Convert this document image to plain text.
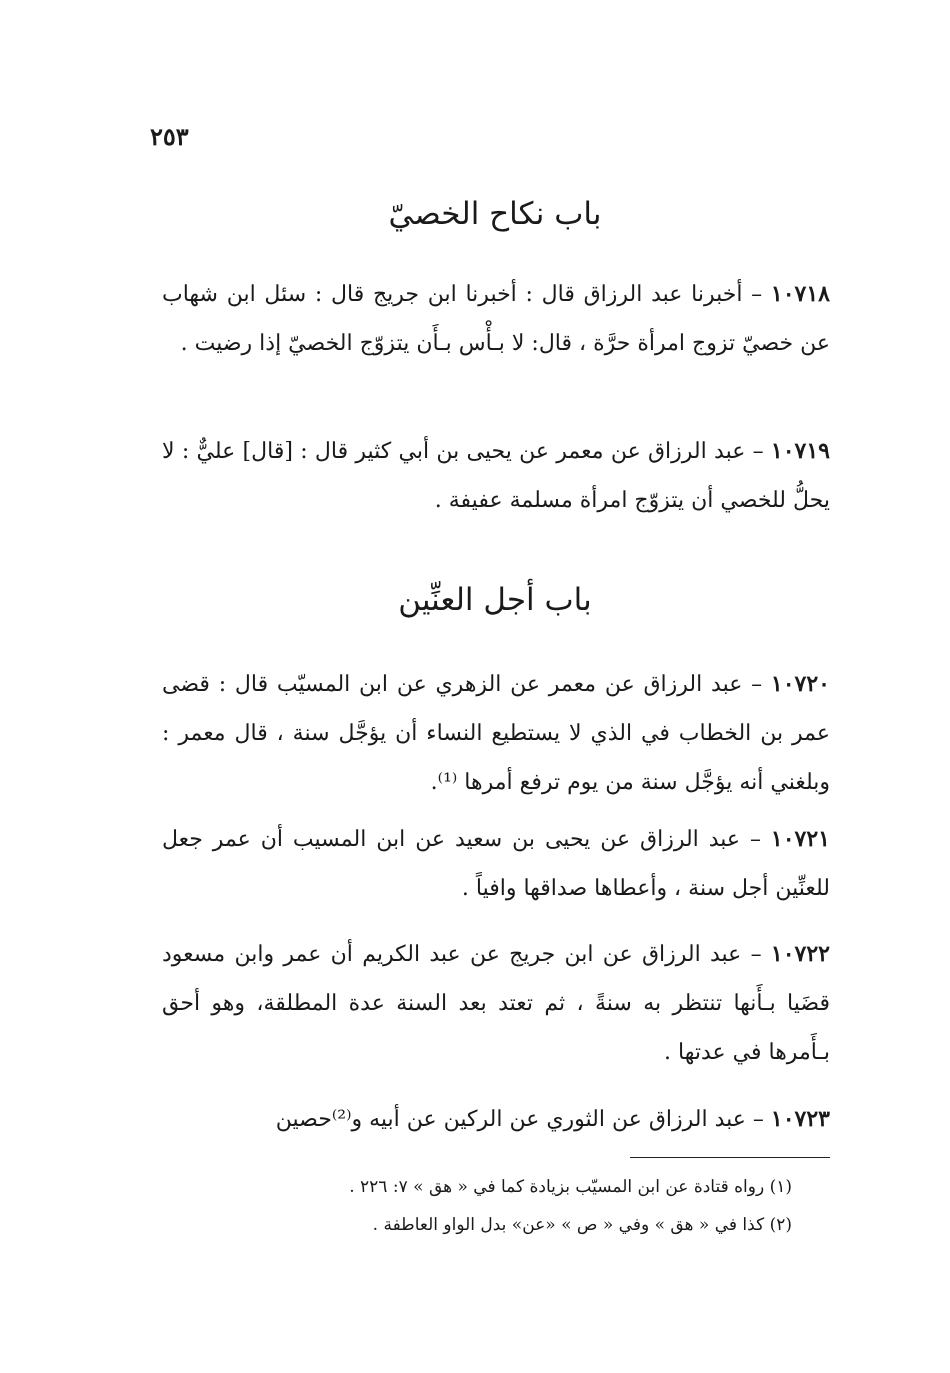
٢٥٣
باب نكاح الخصيّ
١٠٧١٨ – أخبرنا عبد الرزاق قال : أخبرنا ابن جريج قال : سئل ابن شهاب عن خصيّ تزوج امرأة حرَّة ، قال: لا بـأْس بـأَن يتزوّج الخصيّ إذا رضيت .
١٠٧١٩ – عبد الرزاق عن معمر عن يحيى بن أبي كثير قال : [قال] عليٌّ : لا يحلُّ للخصي أن يتزوّج امرأة مسلمة عفيفة .
باب أجل العنِّين
١٠٧٢٠ – عبد الرزاق عن معمر عن الزهري عن ابن المسيّب قال : قضى عمر بن الخطاب في الذي لا يستطيع النساء أن يؤجَّل سنة ، قال معمر : وبلغني أنه يؤجَّل سنة من يوم ترفع أمرها ⁽¹⁾.
١٠٧٢١ – عبد الرزاق عن يحيى بن سعيد عن ابن المسيب أن عمر جعل للعنِّين أجل سنة ، وأعطاها صداقها وافياً .
١٠٧٢٢ – عبد الرزاق عن ابن جريج عن عبد الكريم أن عمر وابن مسعود قضَيا بـأَنها تنتظر به سنةً ، ثم تعتد بعد السنة عدة المطلقة، وهو أحق بـأَمرها في عدتها .
١٠٧٢٣ – عبد الرزاق عن الثوري عن الركين عن أبيه و⁽²⁾حصين
(١) رواه قتادة عن ابن المسيّب بزيادة كما في « هق » ٧: ٢٢٦ .
(٢) كذا في « هق » وفي « ص » «عن» بدل الواو العاطفة .
